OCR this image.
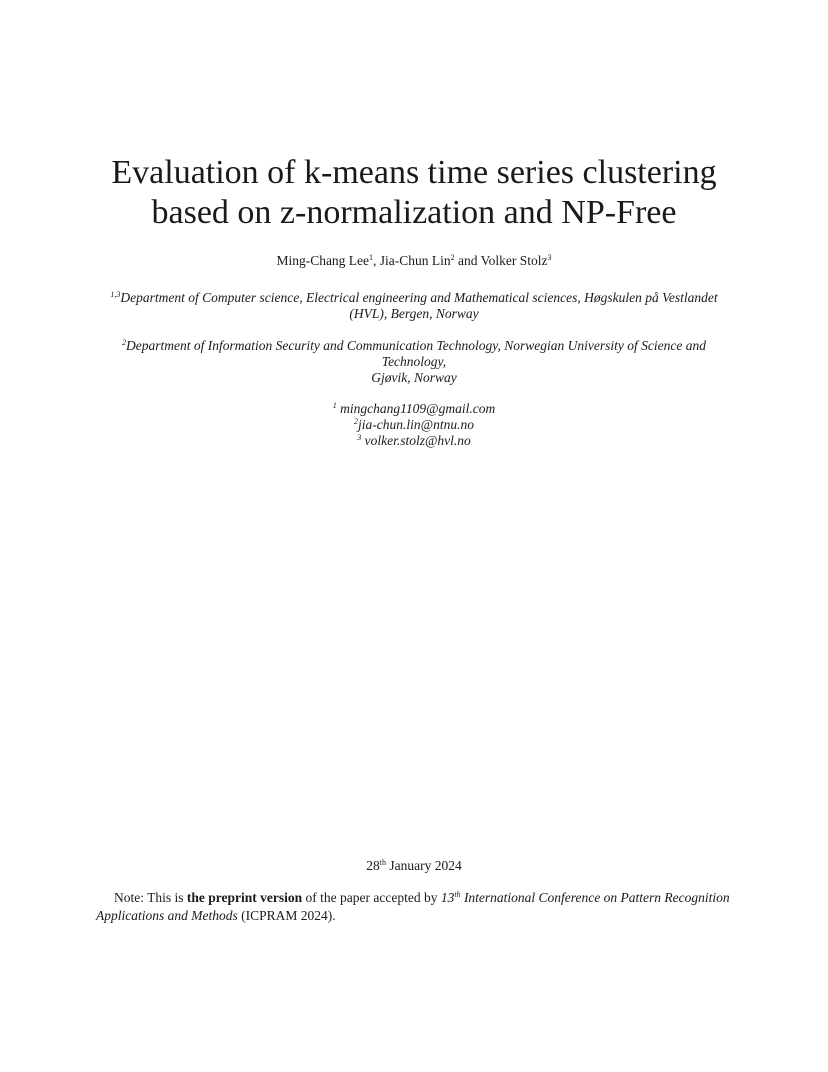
Evaluation of k-means time series clustering
based on z-normalization and NP-Free
Ming-Chang Lee$^1$, Jia-Chun Lin$^2$ and Volker Stolz$^3$
$^{1,3}$Department of Computer science, Electrical engineering and Mathematical sciences, Høgskulen på Vestlandet
(HVL), Bergen, Norway
$^2$Department of Information Security and Communication Technology, Norwegian University of Science and
Technology,
Gjøvik, Norway
$^1$ mingchang1109@gmail.com
$^2$jia-chun.lin@ntnu.no
$^3$ volker.stolz@hvl.no
28th January 2024
Note: This is the preprint version of the paper accepted by 13th International Conference on Pattern Recognition Applications and Methods (ICPRAM 2024).
